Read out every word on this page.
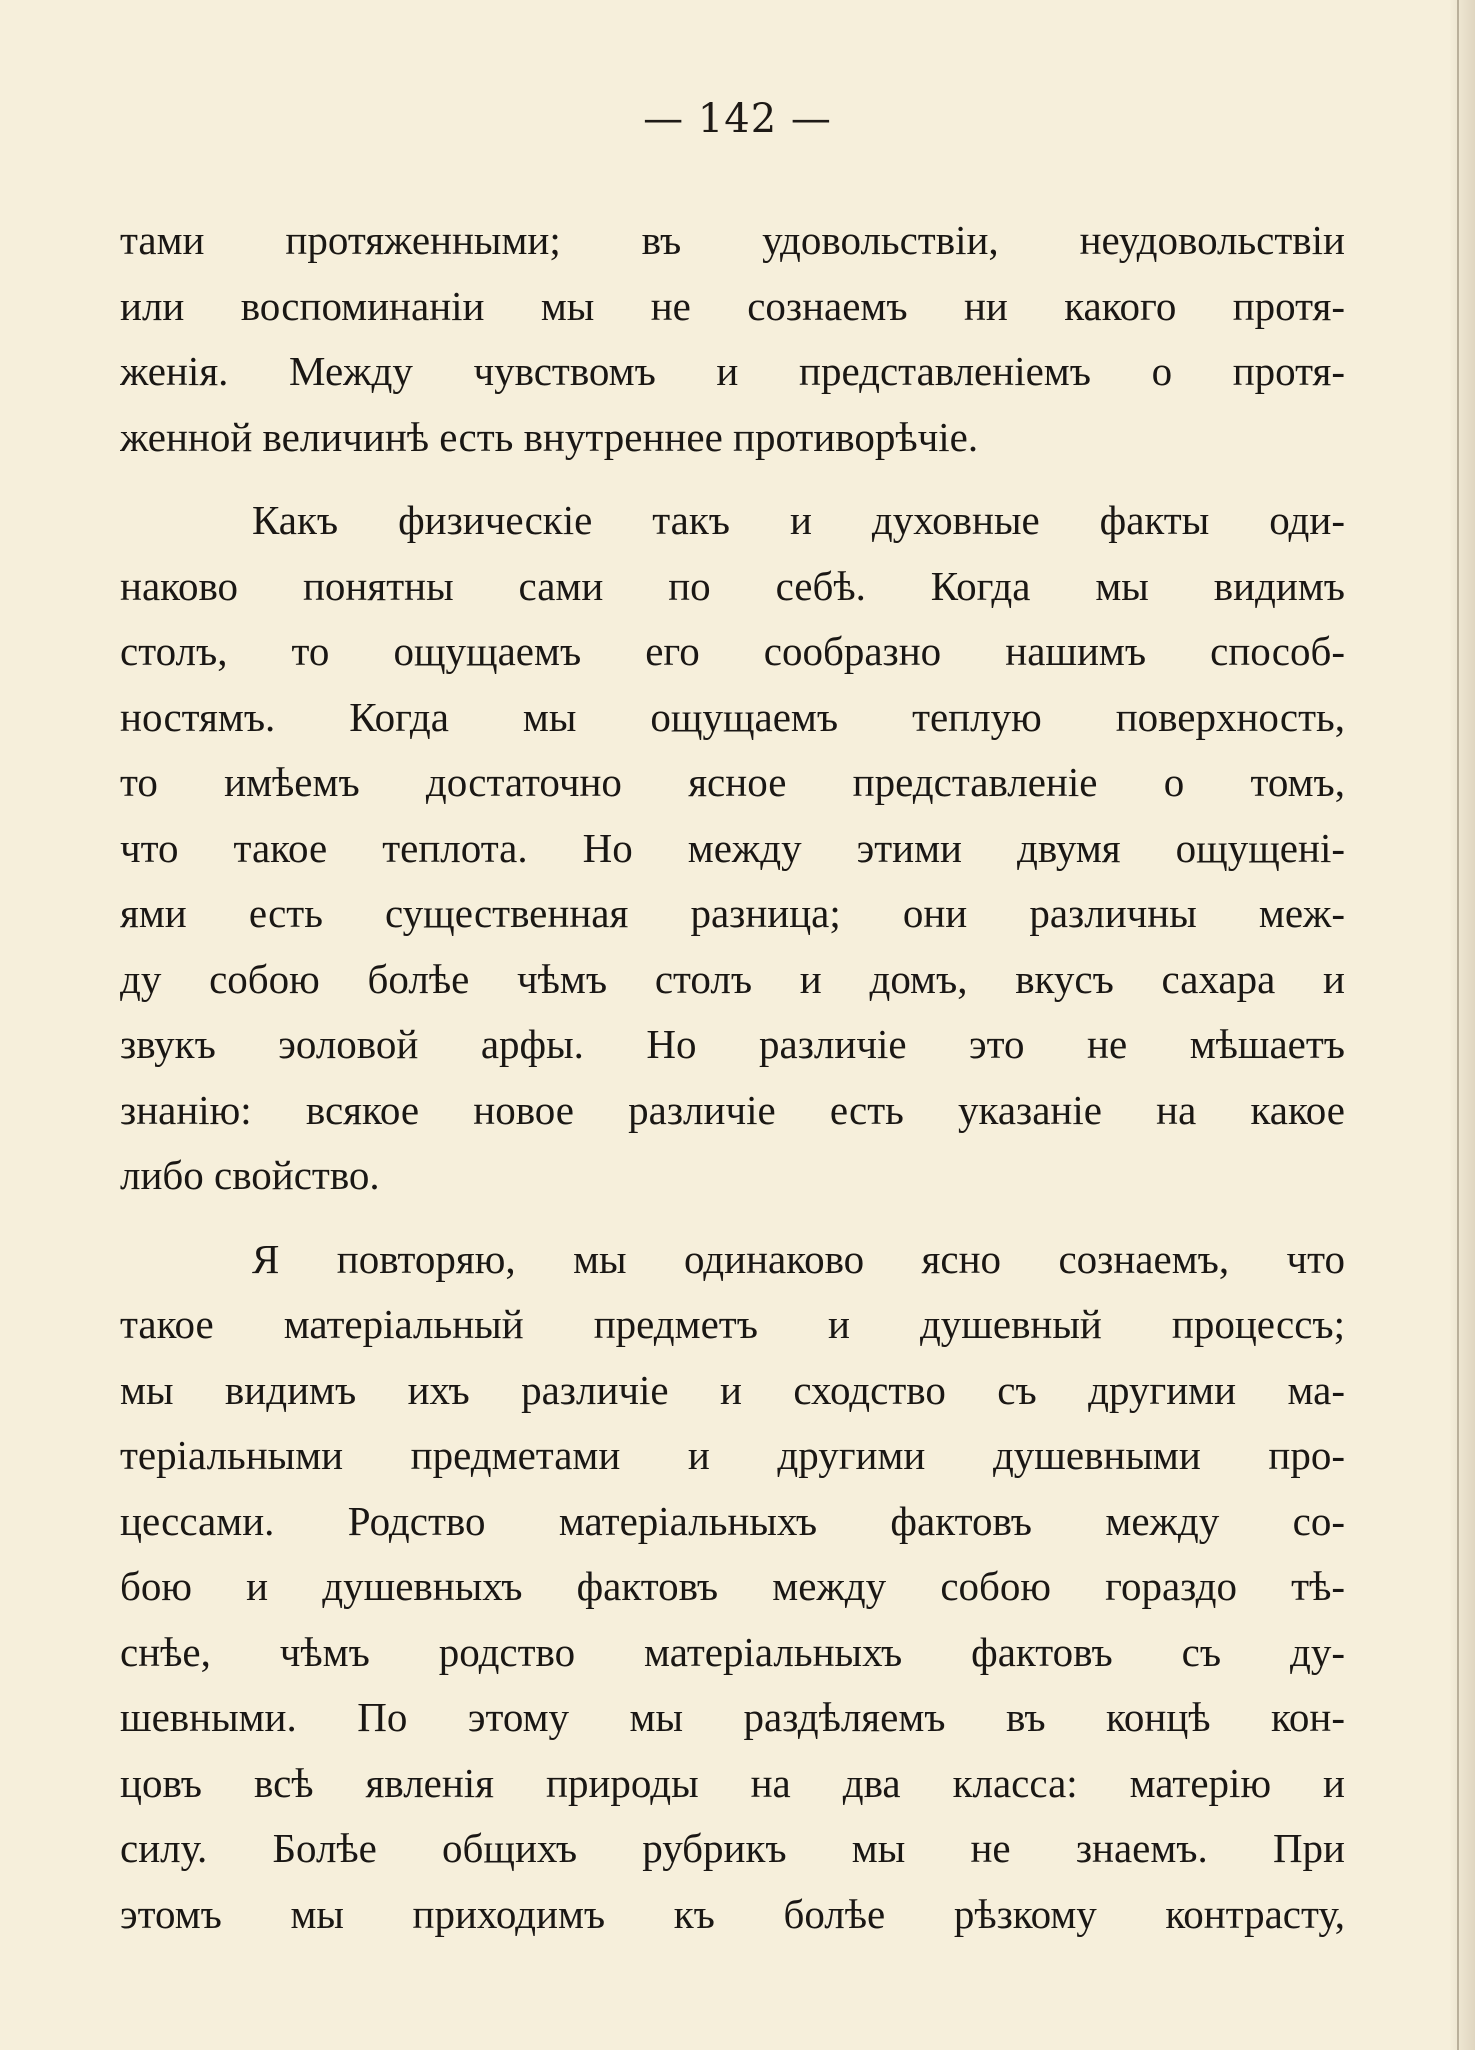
— 142 —
тами протяженными; въ удовольствіи, неудовольствіи
или воспоминаніи мы не сознаемъ ни какого протя-
женія. Между чувствомъ и представленіемъ о протя-
женной величинѣ есть внутреннее противорѣчіе.
Какъ физическіе такъ и духовные факты оди-
наково понятны сами по себѣ. Когда мы видимъ
столъ, то ощущаемъ его сообразно нашимъ способ-
ностямъ. Когда мы ощущаемъ теплую поверхность,
то имѣемъ достаточно ясное представленіе о томъ,
что такое теплота. Но между этими двумя ощущені-
ями есть существенная разница; они различны меж-
ду собою болѣе чѣмъ столъ и домъ, вкусъ сахара и
звукъ эоловой арфы. Но различіе это не мѣшаетъ
знанію: всякое новое различіе есть указаніе на какое
либо свойство.
Я повторяю, мы одинаково ясно сознаемъ, что
такое матеріальный предметъ и душевный процессъ;
мы видимъ ихъ различіе и сходство съ другими ма-
теріальными предметами и другими душевными про-
цессами. Родство матеріальныхъ фактовъ между со-
бою и душевныхъ фактовъ между собою гораздо тѣ-
снѣе, чѣмъ родство матеріальныхъ фактовъ съ ду-
шевными. По этому мы раздѣляемъ въ концѣ кон-
цовъ всѣ явленія природы на два класса: матерію и
силу. Болѣе общихъ рубрикъ мы не знаемъ. При
этомъ мы приходимъ къ болѣе рѣзкому контрасту,
